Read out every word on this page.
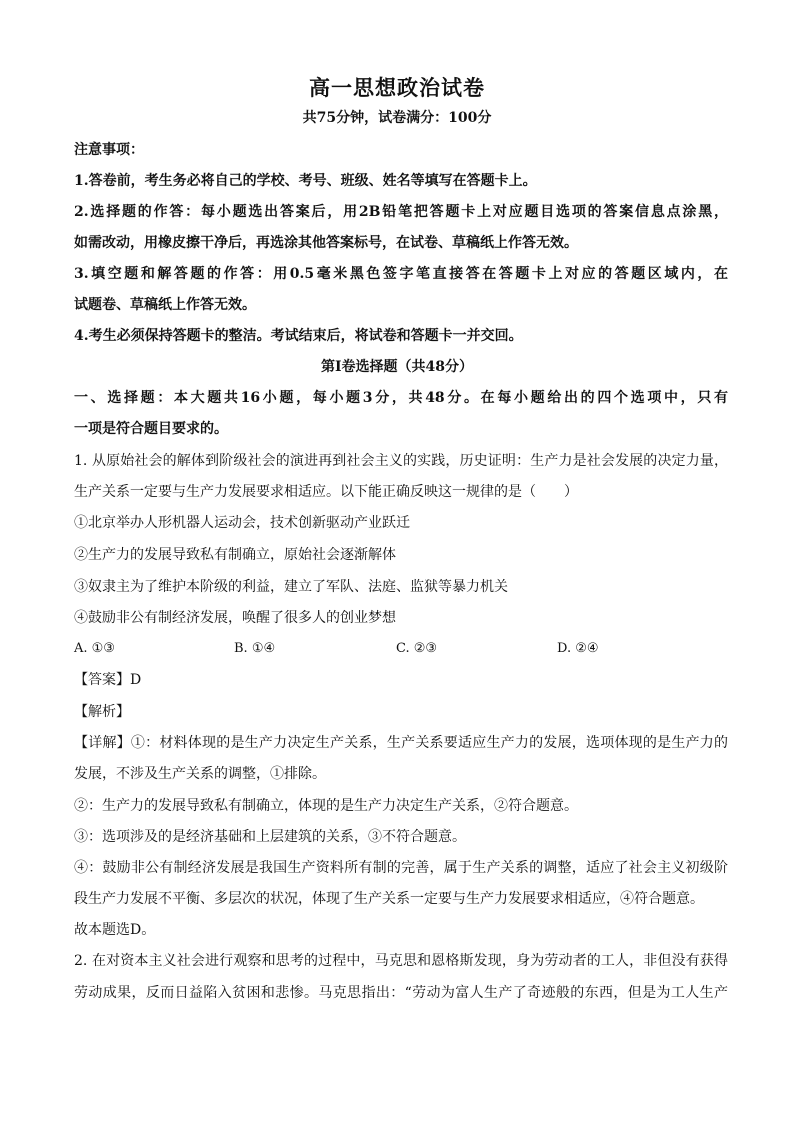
高一思想政治试卷
共75分钟，试卷满分：100分
注意事项：
1.答卷前，考生务必将自己的学校、考号、班级、姓名等填写在答题卡上。
2.选择题的作答：每小题选出答案后，用2B铅笔把答题卡上对应题目选项的答案信息点涂黑，
如需改动，用橡皮擦干净后，再选涂其他答案标号，在试卷、草稿纸上作答无效。
3.填空题和解答题的作答：用0.5毫米黑色签字笔直接答在答题卡上对应的答题区域内，在
试题卷、草稿纸上作答无效。
4.考生必须保持答题卡的整洁。考试结束后，将试卷和答题卡一并交回。
第Ⅰ卷选择题（共48分）
一、选择题：本大题共16小题，每小题3分，共48分。在每小题给出的四个选项中，只有
一项是符合题目要求的。
1. 从原始社会的解体到阶级社会的演进再到社会主义的实践，历史证明：生产力是社会发展的决定力量，
生产关系一定要与生产力发展要求相适应。以下能正确反映这一规律的是（　　）
①北京举办人形机器人运动会，技术创新驱动产业跃迁
②生产力的发展导致私有制确立，原始社会逐渐解体
③奴隶主为了维护本阶级的利益，建立了军队、法庭、监狱等暴力机关
④鼓励非公有制经济发展，唤醒了很多人的创业梦想
A. ①③	B. ①④	C. ②③	D. ②④
【答案】D
【解析】
【详解】①：材料体现的是生产力决定生产关系，生产关系要适应生产力的发展，选项体现的是生产力的
发展，不涉及生产关系的调整，①排除。
②：生产力的发展导致私有制确立，体现的是生产力决定生产关系，②符合题意。
③：选项涉及的是经济基础和上层建筑的关系，③不符合题意。
④：鼓励非公有制经济发展是我国生产资料所有制的完善，属于生产关系的调整，适应了社会主义初级阶
段生产力发展不平衡、多层次的状况，体现了生产关系一定要与生产力发展要求相适应，④符合题意。
故本题选D。
2. 在对资本主义社会进行观察和思考的过程中，马克思和恩格斯发现，身为劳动者的工人，非但没有获得
劳动成果，反而日益陷入贫困和悲惨。马克思指出：“劳动为富人生产了奇迹般的东西，但是为工人生产
